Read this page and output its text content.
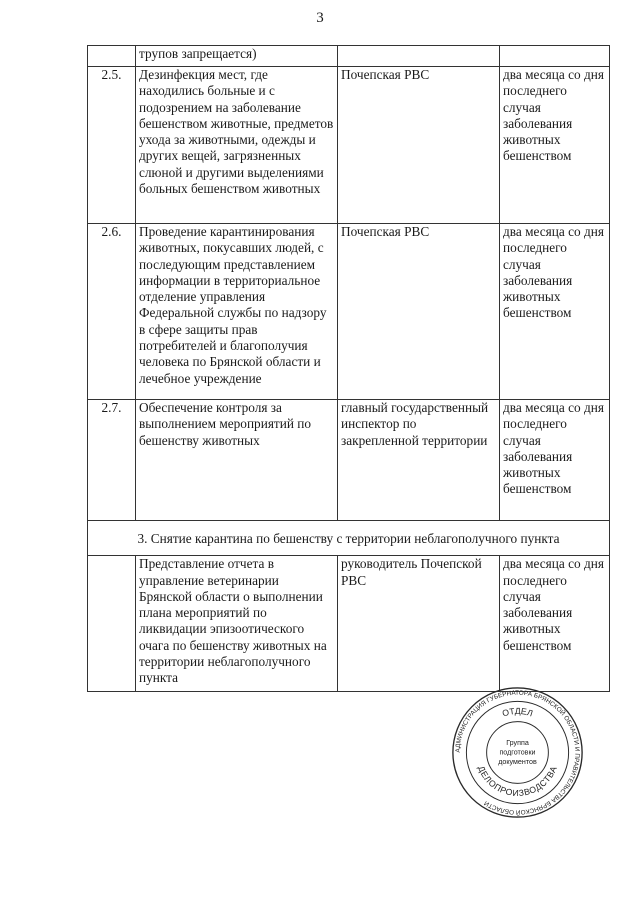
3
	трупов запрещается)		
2.5.	Дезинфекция мест, где находились больные и с подозрением на заболевание бешенством животные, предметов ухода за животными, одежды и других вещей, загрязненных слюной и другими выделениями больных бешенством животных	Почепская РВС	два месяца со дня последнего случая заболевания животных бешенством
2.6.	Проведение карантинирования животных, покусавших людей, с последующим представлением информации в территориальное отделение управления Федеральной службы по надзору в сфере защиты прав потребителей и благополучия человека по Брянской области и лечебное учреждение	Почепская РВС	два месяца со дня последнего случая заболевания животных бешенством
2.7.	Обеспечение контроля за выполнением мероприятий по бешенству животных	главный государственный инспектор по закрепленной территории	два месяца со дня последнего случая заболевания животных бешенством
3. Снятие карантина по бешенству с территории неблагополучного пункта			
	Представление отчета в управление ветеринарии Брянской области о выполнении плана мероприятий по ликвидации эпизоотического очага по бешенству животных на территории неблагополучного пункта	руководитель Почепской РВС	два месяца со дня последнего случая заболевания животных бешенством
АДМИНИСТРАЦИЯ ГУБЕРНАТОРА БРЯНСКОЙ ОБЛАСТИ И ПРАВИТЕЛЬСТВА БРЯНСКОЙ ОБЛАСТИ
ОТДЕЛ
ДЕЛОПРОИЗВОДСТВА
Группа
подготовки
документов
